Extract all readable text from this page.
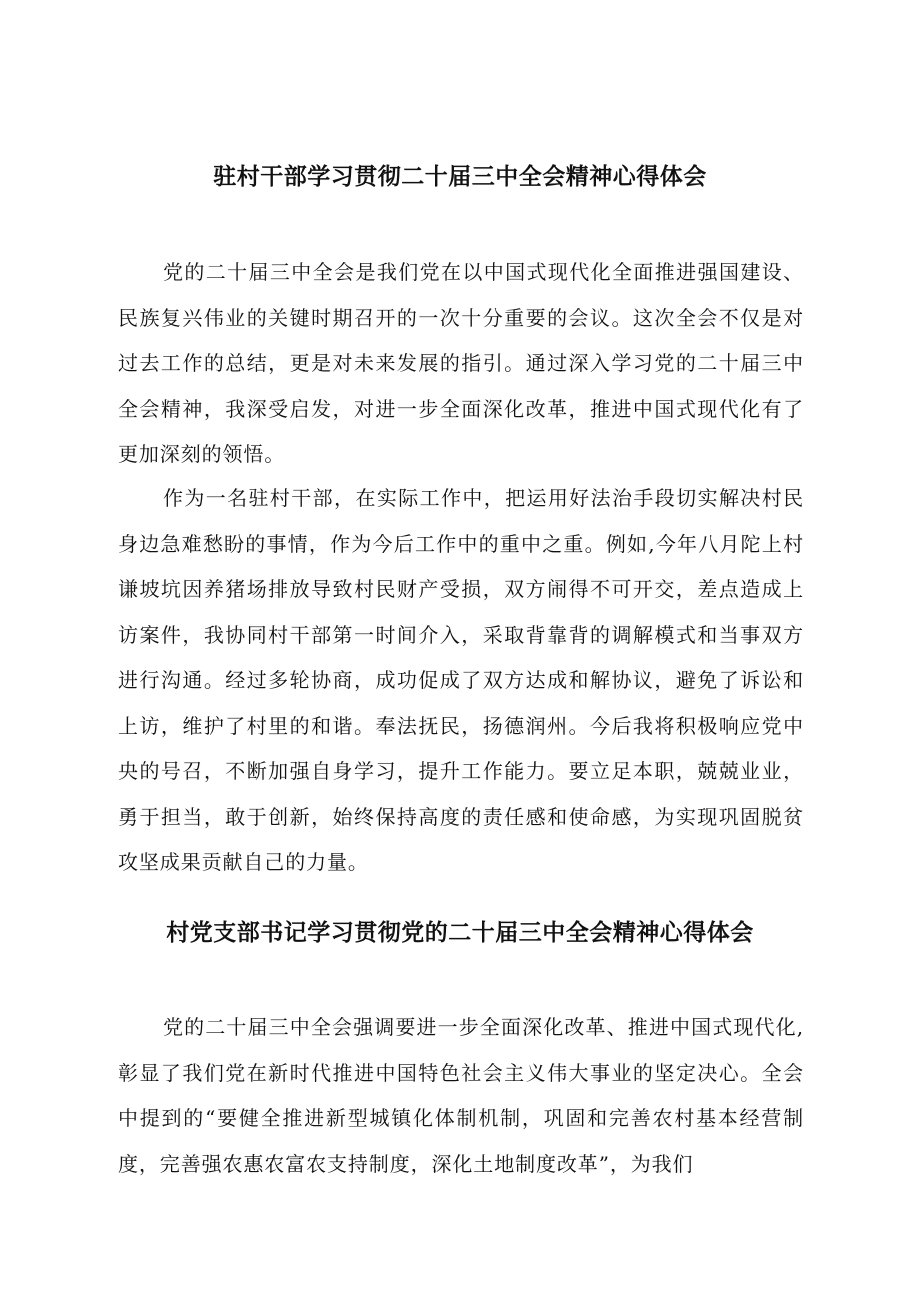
驻村干部学习贯彻二十届三中全会精神心得体会

党的二十届三中全会是我们党在以中国式现代化全面推进强国建设、民族复兴伟业的关键时期召开的一次十分重要的会议。这次全会不仅是对过去工作的总结，更是对未来发展的指引。通过深入学习党的二十届三中全会精神，我深受启发，对进一步全面深化改革，推进中国式现代化有了更加深刻的领悟。

作为一名驻村干部，在实际工作中，把运用好法治手段切实解决村民身边急难愁盼的事情，作为今后工作中的重中之重。例如,今年八月陀上村谦坡坑因养猪场排放导致村民财产受损，双方闹得不可开交，差点造成上访案件，我协同村干部第一时间介入，采取背靠背的调解模式和当事双方进行沟通。经过多轮协商，成功促成了双方达成和解协议，避免了诉讼和上访，维护了村里的和谐。奉法抚民，扬德润州。今后我将积极响应党中央的号召，不断加强自身学习，提升工作能力。要立足本职，兢兢业业，勇于担当，敢于创新，始终保持高度的责任感和使命感，为实现巩固脱贫攻坚成果贡献自己的力量。

村党支部书记学习贯彻党的二十届三中全会精神心得体会

党的二十届三中全会强调要进一步全面深化改革、推进中国式现代化,彰显了我们党在新时代推进中国特色社会主义伟大事业的坚定决心。全会中提到的“要健全推进新型城镇化体制机制，巩固和完善农村基本经营制度，完善强农惠农富农支持制度，深化土地制度改革”，为我们
